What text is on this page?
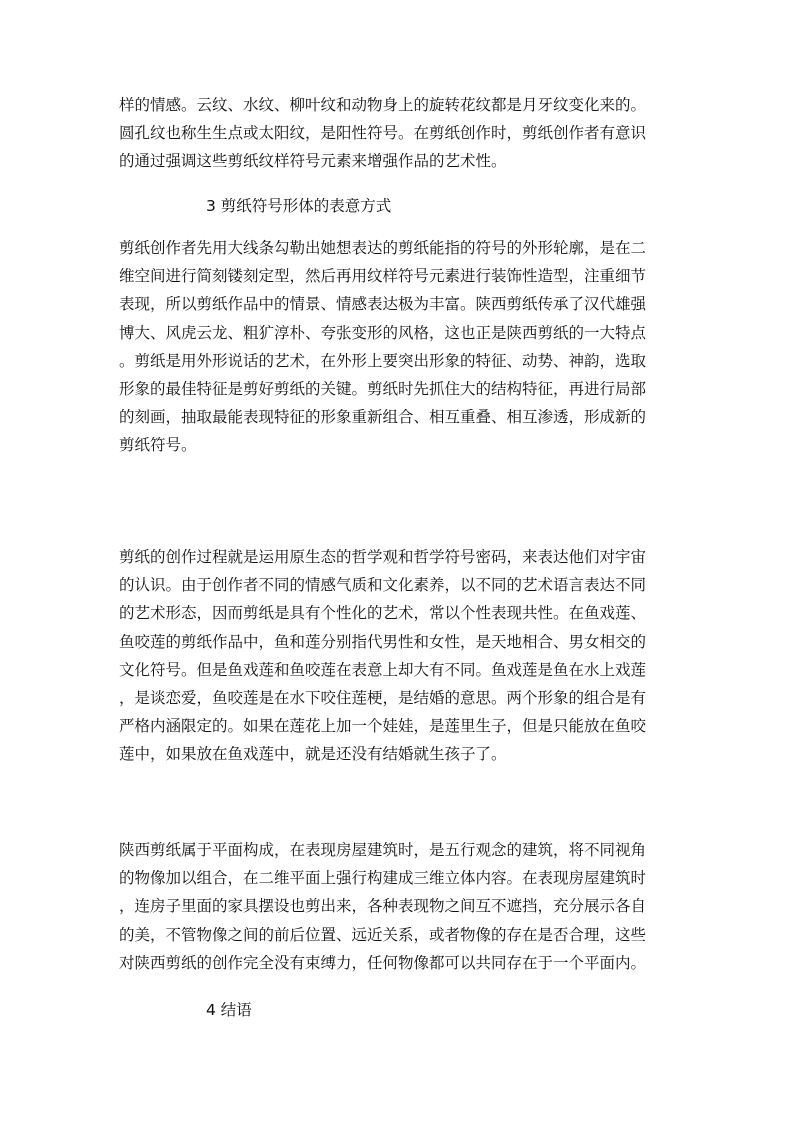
样的情感。云纹、水纹、柳叶纹和动物身上的旋转花纹都是月牙纹变化来的。
圆孔纹也称生生点或太阳纹，是阳性符号。在剪纸创作时，剪纸创作者有意识
的通过强调这些剪纸纹样符号元素来增强作品的艺术性。
3 剪纸符号形体的表意方式
剪纸创作者先用大线条勾勒出她想表达的剪纸能指的符号的外形轮廓，是在二
维空间进行简刻镂刻定型，然后再用纹样符号元素进行装饰性造型，注重细节
表现，所以剪纸作品中的情景、情感表达极为丰富。陕西剪纸传承了汉代雄强
博大、风虎云龙、粗犷淳朴、夸张变形的风格，这也正是陕西剪纸的一大特点
。剪纸是用外形说话的艺术，在外形上要突出形象的特征、动势、神韵，选取
形象的最佳特征是剪好剪纸的关键。剪纸时先抓住大的结构特征，再进行局部
的刻画，抽取最能表现特征的形象重新组合、相互重叠、相互渗透，形成新的
剪纸符号。
剪纸的创作过程就是运用原生态的哲学观和哲学符号密码，来表达他们对宇宙
的认识。由于创作者不同的情感气质和文化素养，以不同的艺术语言表达不同
的艺术形态，因而剪纸是具有个性化的艺术，常以个性表现共性。在鱼戏莲、
鱼咬莲的剪纸作品中，鱼和莲分别指代男性和女性，是天地相合、男女相交的
文化符号。但是鱼戏莲和鱼咬莲在表意上却大有不同。鱼戏莲是鱼在水上戏莲
，是谈恋爱，鱼咬莲是在水下咬住莲梗，是结婚的意思。两个形象的组合是有
严格内涵限定的。如果在莲花上加一个娃娃，是莲里生子，但是只能放在鱼咬
莲中，如果放在鱼戏莲中，就是还没有结婚就生孩子了。
陕西剪纸属于平面构成，在表现房屋建筑时，是五行观念的建筑，将不同视角
的物像加以组合，在二维平面上强行构建成三维立体内容。在表现房屋建筑时
，连房子里面的家具摆设也剪出来，各种表现物之间互不遮挡，充分展示各自
的美，不管物像之间的前后位置、远近关系，或者物像的存在是否合理，这些
对陕西剪纸的创作完全没有束缚力，任何物像都可以共同存在于一个平面内。
4 结语
